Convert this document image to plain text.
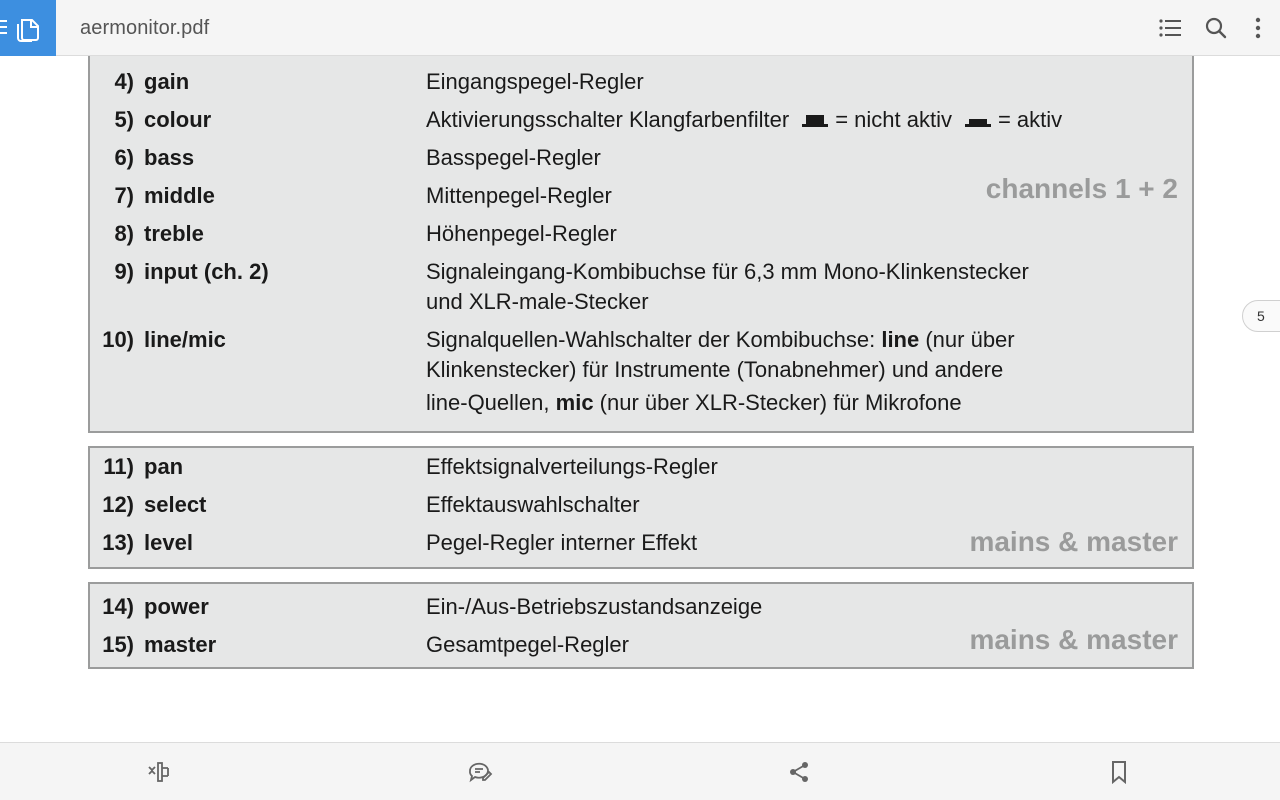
aermonitor.pdf
4) gain	Eingangspegel-Regler
5) colour	Aktivierungsschalter Klangfarbenfilter = nicht aktiv = aktiv
6) bass	Basspegel-Regler
7) middle	Mittenpegel-Regler	channels 1 + 2
8) treble	Höhenpegel-Regler
9) input (ch. 2)	Signaleingang-Kombibuchse für 6,3 mm Mono-Klinkenstecker
und XLR-male-Stecker
10) line/mic	Signalquellen-Wahlschalter der Kombibuchse: line (nur über
Klinkenstecker) für Instrumente (Tonabnehmer) und andere
line-Quellen, mic (nur über XLR-Stecker) für Mikrofone
11) pan	Effektsignalverteilungs-Regler
12) select	Effektauswahlschalter
13) level	Pegel-Regler interner Effekt	mains & master
14) power	Ein-/Aus-Betriebszustandsanzeige
15) master	Gesamtpegel-Regler	mains & master
5
